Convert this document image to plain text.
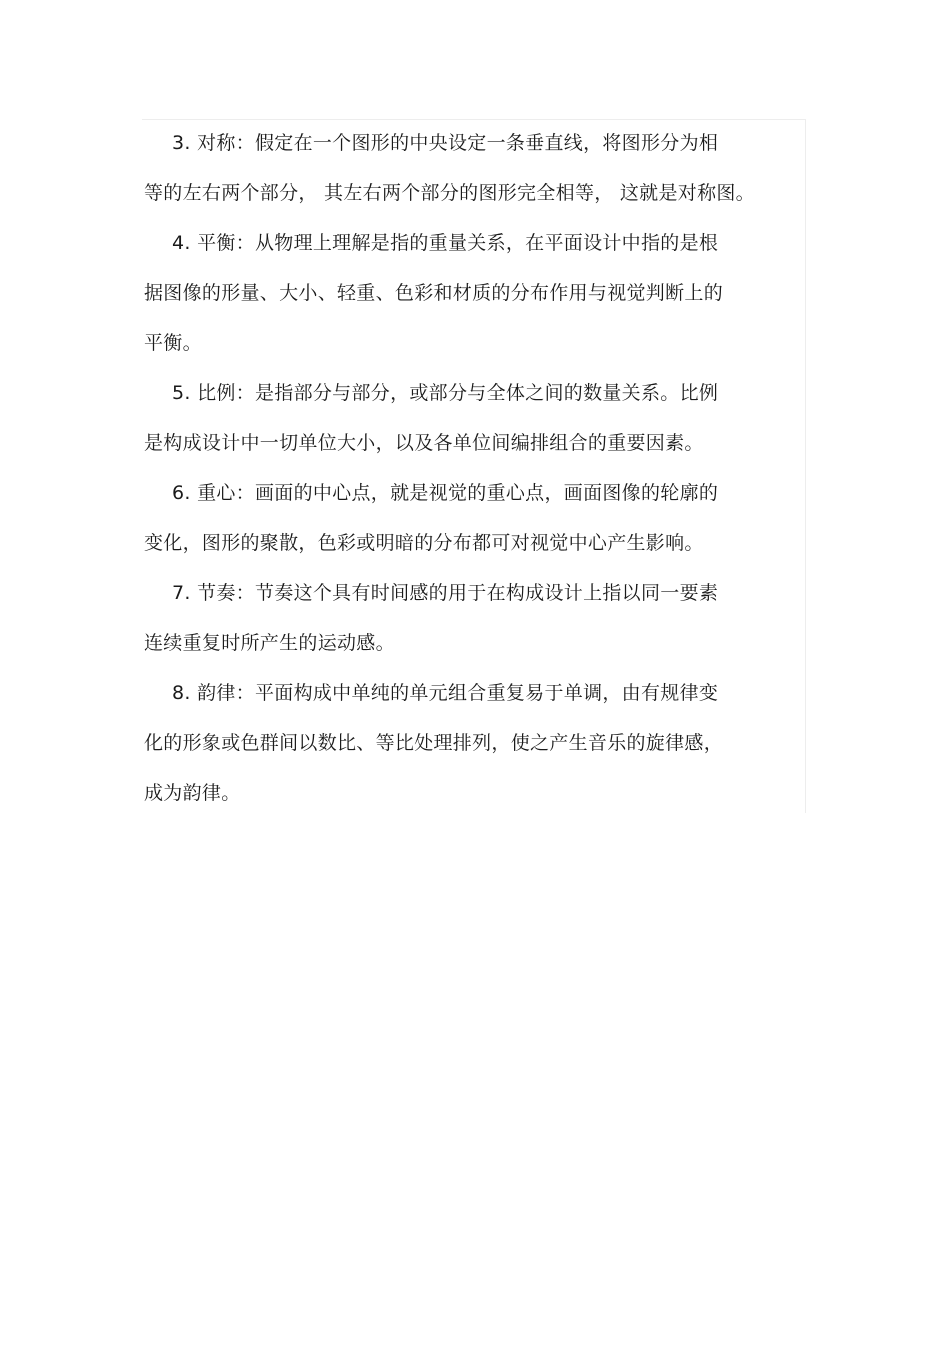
3. 对称：假定在一个图形的中央设定一条垂直线，将图形分为相
等的左右两个部分， 其左右两个部分的图形完全相等， 这就是对称图。
4. 平衡：从物理上理解是指的重量关系，在平面设计中指的是根
据图像的形量、大小、轻重、色彩和材质的分布作用与视觉判断上的
平衡。
5. 比例：是指部分与部分，或部分与全体之间的数量关系。比例
是构成设计中一切单位大小，以及各单位间编排组合的重要因素。
6. 重心：画面的中心点，就是视觉的重心点，画面图像的轮廓的
变化，图形的聚散，色彩或明暗的分布都可对视觉中心产生影响。
7. 节奏：节奏这个具有时间感的用于在构成设计上指以同一要素
连续重复时所产生的运动感。
8. 韵律：平面构成中单纯的单元组合重复易于单调，由有规律变
化的形象或色群间以数比、等比处理排列，使之产生音乐的旋律感，
成为韵律。
